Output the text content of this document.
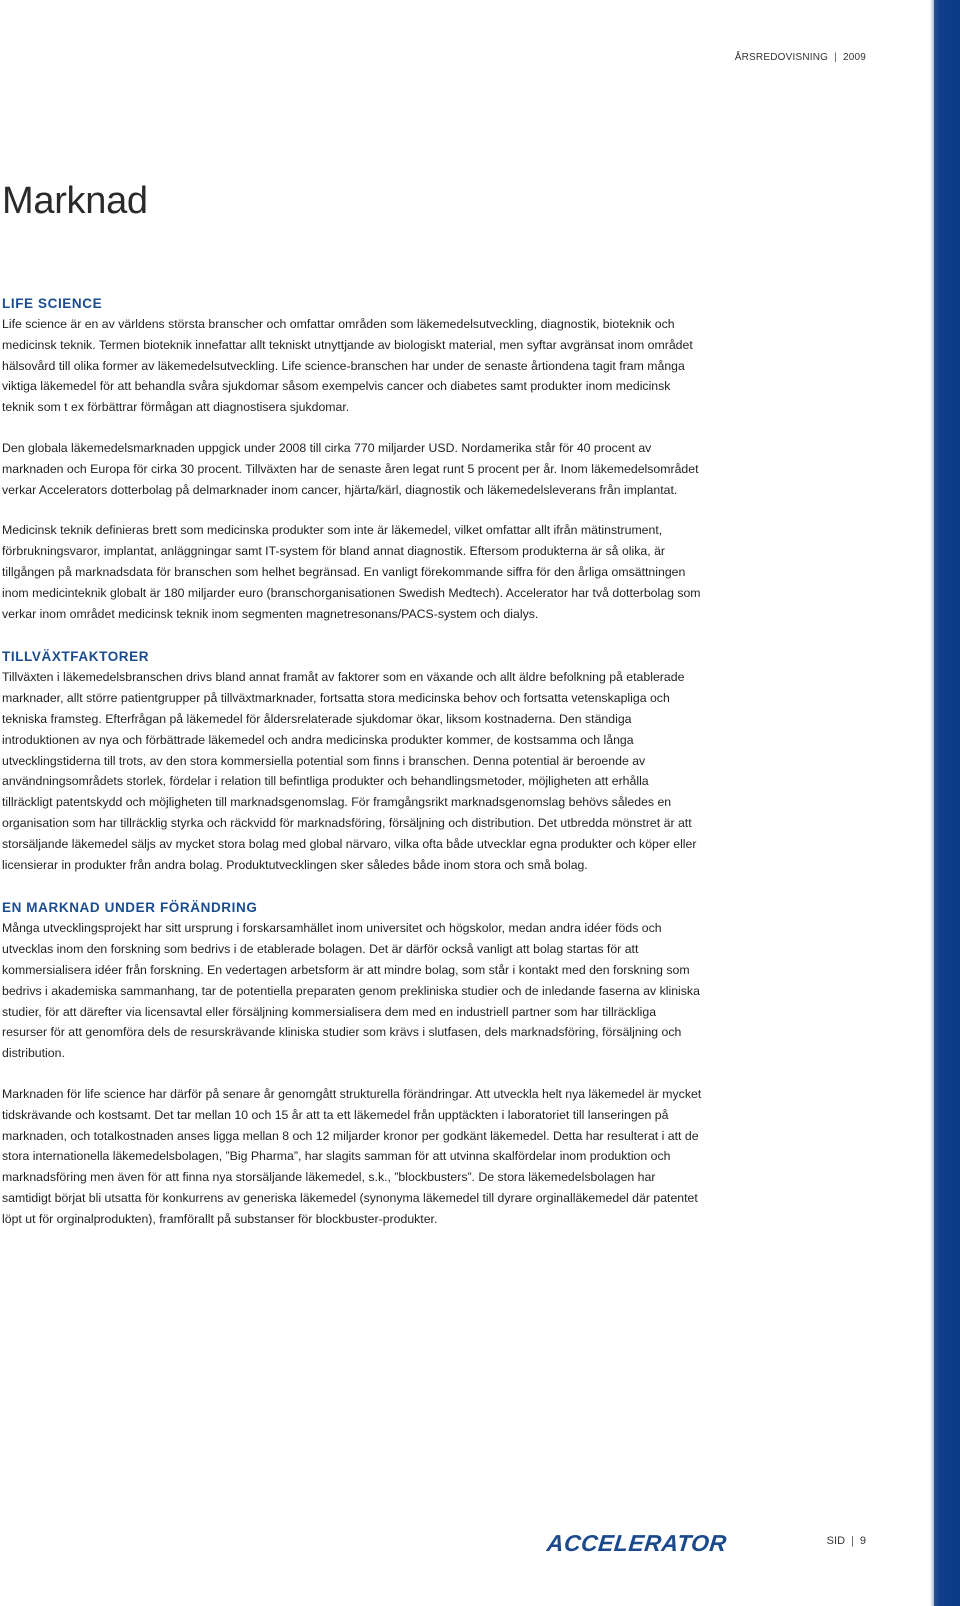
ÅRSREDOVISNING | 2009
Marknad
LIFE SCIENCE

Life science är en av världens största branscher och omfattar områden som läkemedelsutveckling, diagnostik, bioteknik och medicinsk teknik. Termen bioteknik innefattar allt tekniskt utnyttjande av biologiskt material, men syftar avgränsat inom området hälsovård till olika former av läkemedelsutveckling. Life science-branschen har under de senaste årtiondena tagit fram många viktiga läkemedel för att behandla svåra sjukdomar såsom exempelvis cancer och diabetes samt produkter inom medicinsk teknik som t ex förbättrar förmågan att diagnostisera sjukdomar.

Den globala läkemedelsmarknaden uppgick under 2008 till cirka 770 miljarder USD. Nordamerika står för 40 procent av marknaden och Europa för cirka 30 procent. Tillväxten har de senaste åren legat runt 5 procent per år. Inom läkemedelsområdet verkar Accelerators dotterbolag på delmarknader inom cancer, hjärta/kärl, diagnostik och läkemedelsleverans från implantat.

Medicinsk teknik definieras brett som medicinska produkter som inte är läkemedel, vilket omfattar allt ifrån mätinstrument, förbrukningsvaror, implantat, anläggningar samt IT-system för bland annat diagnostik. Eftersom produkterna är så olika, är tillgången på marknadsdata för branschen som helhet begränsad. En vanligt förekommande siffra för den årliga omsättningen inom medicinteknik globalt är 180 miljarder euro (branschorganisationen Swedish Medtech). Accelerator har två dotterbolag som verkar inom området medicinsk teknik inom segmenten magnetresonans/PACS-system och dialys.

TILLVÄXTFAKTORER

Tillväxten i läkemedelsbranschen drivs bland annat framåt av faktorer som en växande och allt äldre befolkning på etablerade marknader, allt större patientgrupper på tillväxtmarknader, fortsatta stora medicinska behov och fortsatta vetenskapliga och tekniska framsteg. Efterfrågan på läkemedel för åldersrelaterade sjukdomar ökar, liksom kostnaderna. Den ständiga introduktionen av nya och förbättrade läkemedel och andra medicinska produkter kommer, de kostsamma och långa utvecklingstiderna till trots, av den stora kommersiella potential som finns i branschen. Denna potential är beroende av användningsområdets storlek, fördelar i relation till befintliga produkter och behandlingsmetoder, möjligheten att erhålla tillräckligt patentskydd och möjligheten till marknadsgenomslag. För framgångsrikt marknadsgenomslag behövs således en organisation som har tillräcklig styrka och räckvidd för marknadsföring, försäljning och distribution. Det utbredda mönstret är att storsäljande läkemedel säljs av mycket stora bolag med global närvaro, vilka ofta både utvecklar egna produkter och köper eller licensierar in produkter från andra bolag. Produktutvecklingen sker således både inom stora och små bolag.

EN MARKNAD UNDER FÖRÄNDRING

Många utvecklingsprojekt har sitt ursprung i forskarsamhället inom universitet och högskolor, medan andra idéer föds och utvecklas inom den forskning som bedrivs i de etablerade bolagen. Det är därför också vanligt att bolag startas för att kommersialisera idéer från forskning. En vedertagen arbetsform är att mindre bolag, som står i kontakt med den forskning som bedrivs i akademiska sammanhang, tar de potentiella preparaten genom prekliniska studier och de inledande faserna av kliniska studier, för att därefter via licensavtal eller försäljning kommersialisera dem med en industriell partner som har tillräckliga resurser för att genomföra dels de resurskrävande kliniska studier som krävs i slutfasen, dels marknadsföring, försäljning och distribution.

Marknaden för life science har därför på senare år genomgått strukturella förändringar. Att utveckla helt nya läkemedel är mycket tidskrävande och kostsamt. Det tar mellan 10 och 15 år att ta ett läkemedel från upptäckten i laboratoriet till lanseringen på marknaden, och totalkostnaden anses ligga mellan 8 och 12 miljarder kronor per godkänt läkemedel. Detta har resulterat i att de stora internationella läkemedelsbolagen, ”Big Pharma”, har slagits samman för att utvinna skalfördelar inom produktion och marknadsföring men även för att finna nya storsäljande läkemedel, s.k., ”blockbusters”. De stora läkemedelsbolagen har samtidigt börjat bli utsatta för konkurrens av generiska läkemedel (synonyma läkemedel till dyrare orginalläkemedel där patentet löpt ut för orginalprodukten), framförallt på substanser för blockbuster-produkter.

ACCELERATOR	SID | 9
